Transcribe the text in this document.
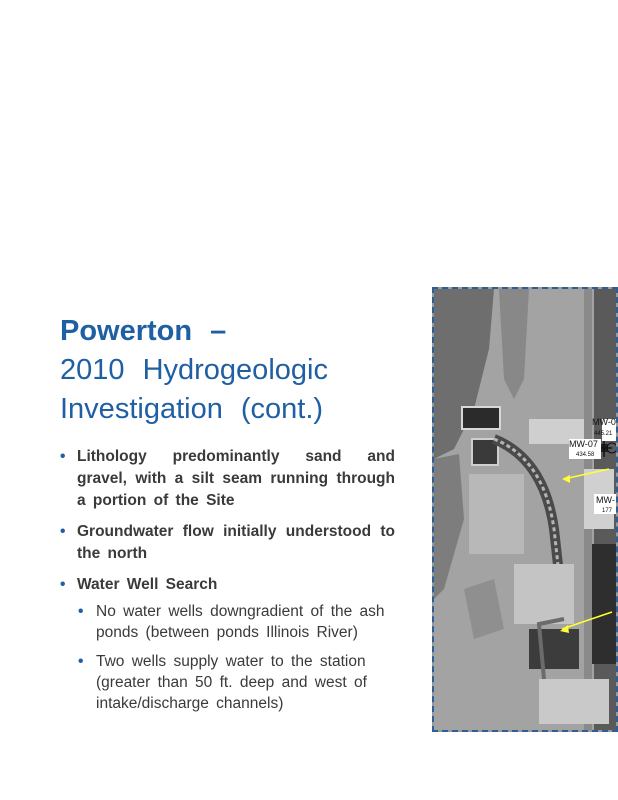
Powerton –
2010 Hydrogeologic
Investigation (cont.)
• Lithology predominantly sand and gravel, with a silt seam running through a portion of the Site
• Groundwater flow initially understood to the north
• Water Well Search
• No water wells downgradient of the ash ponds (between ponds Illinois River)
• Two wells supply water to the station (greater than 50 ft. deep and west of intake/discharge channels)
MW-0
445.21
MW-07
434.58
MW-
177
